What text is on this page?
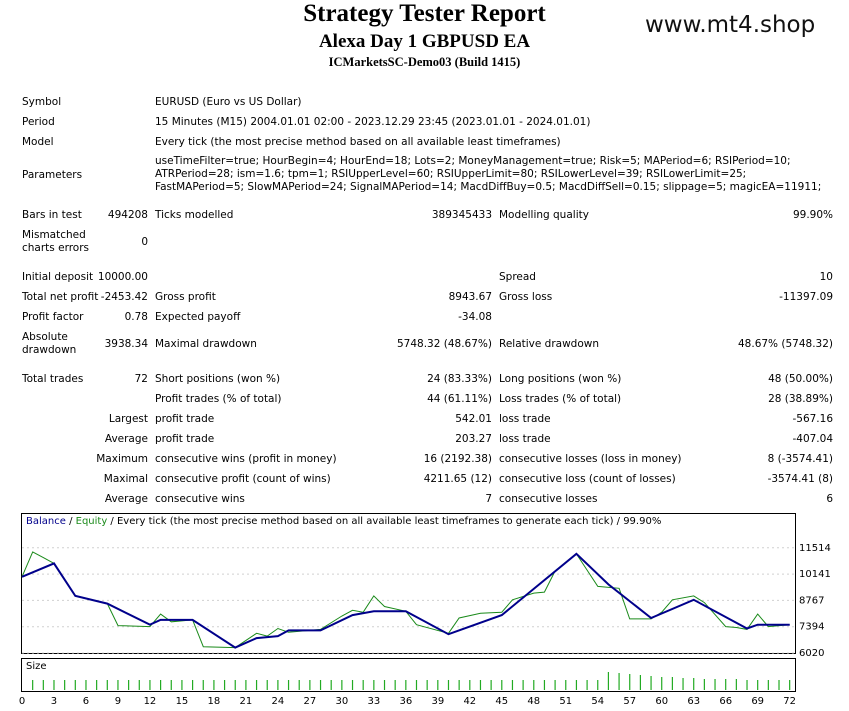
Strategy Tester Report
Alexa Day 1 GBPUSD EA
ICMarketsSC-Demo03 (Build 1415)
www.mt4.shop
Symbol	EURUSD (Euro vs US Dollar)
Period	15 Minutes (M15) 2004.01.01 02:00 - 2023.12.29 23:45 (2023.01.01 - 2024.01.01)
Model	Every tick (the most precise method based on all available least timeframes)
Parameters
useTimeFilter=true; HourBegin=4; HourEnd=18; Lots=2; MoneyManagement=true; Risk=5; MAPeriod=6; RSIPeriod=10; ATRPeriod=28; ism=1.6; tpm=1; RSIUpperLevel=60; RSIUpperLimit=80; RSILowerLevel=39; RSILowerLimit=25; FastMAPeriod=5; SlowMAPeriod=24; SignalMAPeriod=14; MacdDiffBuy=0.5; MacdDiffSell=0.15; slippage=5; magicEA=11911;
Bars in test	494208 Ticks modelled	389345433 Modelling quality	99.90%
Mismatched charts errors	0
Initial deposit 10000.00	Spread	10
Total net profit -2453.42 Gross profit	8943.67 Gross loss	-11397.09
Profit factor	0.78 Expected payoff	-34.08
Absolute drawdown	3938.34 Maximal drawdown	5748.32 (48.67%) Relative drawdown	48.67% (5748.32)
Total trades	72 Short positions (won %)	24 (83.33%) Long positions (won %)	48 (50.00%)
Profit trades (% of total)	44 (61.11%) Loss trades (% of total)	28 (38.89%)
Largest profit trade	542.01 loss trade	-567.16
Average profit trade	203.27 loss trade	-407.04
Maximum consecutive wins (profit in money)	16 (2192.38) consecutive losses (loss in money)	8 (-3574.41)
Maximal consecutive profit (count of wins)	4211.65 (12) consecutive loss (count of losses)	-3574.41 (8)
Average consecutive wins	7 consecutive losses	6
Balance / Equity / Every tick (the most precise method based on all available least timeframes to generate each tick) / 99.90%
11514
10141
8767
7394
6020
Size
0	3	6	9 12 15 18 21 24 27 30 33 36 39 42 45 48 51 54 57 60 63 66 69 72
